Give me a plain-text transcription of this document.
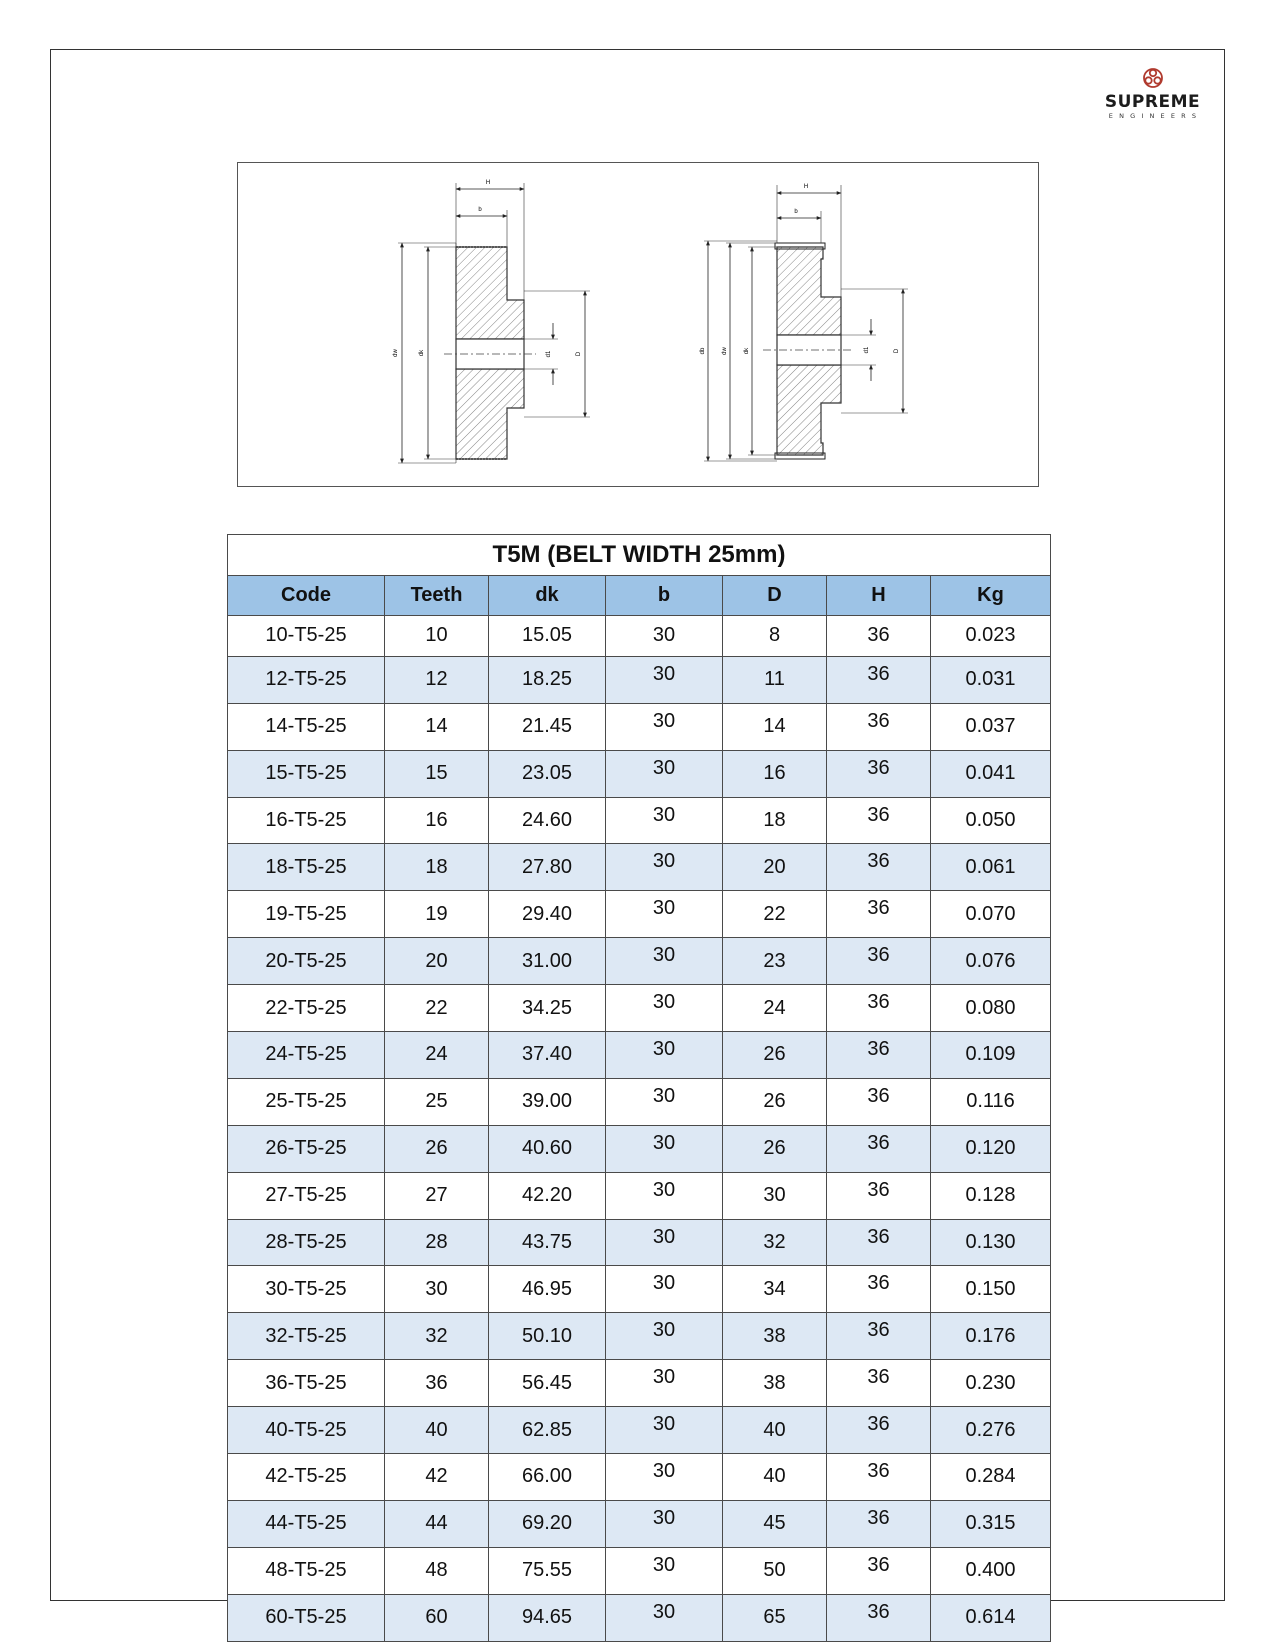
SUPREME
ENGINEERS
H
b
dw	dk	d1	D
H
b
db	dw	dk	d1	D
T5M (BELT WIDTH 25mm)						
Code	Teeth	dk	b	D	H	Kg
10-T5-25	10	15.05	30	8	36	0.023
12-T5-25	12	18.25	30	11	36	0.031
14-T5-25	14	21.45	30	14	36	0.037
15-T5-25	15	23.05	30	16	36	0.041
16-T5-25	16	24.60	30	18	36	0.050
18-T5-25	18	27.80	30	20	36	0.061
19-T5-25	19	29.40	30	22	36	0.070
20-T5-25	20	31.00	30	23	36	0.076
22-T5-25	22	34.25	30	24	36	0.080
24-T5-25	24	37.40	30	26	36	0.109
25-T5-25	25	39.00	30	26	36	0.116
26-T5-25	26	40.60	30	26	36	0.120
27-T5-25	27	42.20	30	30	36	0.128
28-T5-25	28	43.75	30	32	36	0.130
30-T5-25	30	46.95	30	34	36	0.150
32-T5-25	32	50.10	30	38	36	0.176
36-T5-25	36	56.45	30	38	36	0.230
40-T5-25	40	62.85	30	40	36	0.276
42-T5-25	42	66.00	30	40	36	0.284
44-T5-25	44	69.20	30	45	36	0.315
48-T5-25	48	75.55	30	50	36	0.400
60-T5-25	60	94.65	30	65	36	0.614
